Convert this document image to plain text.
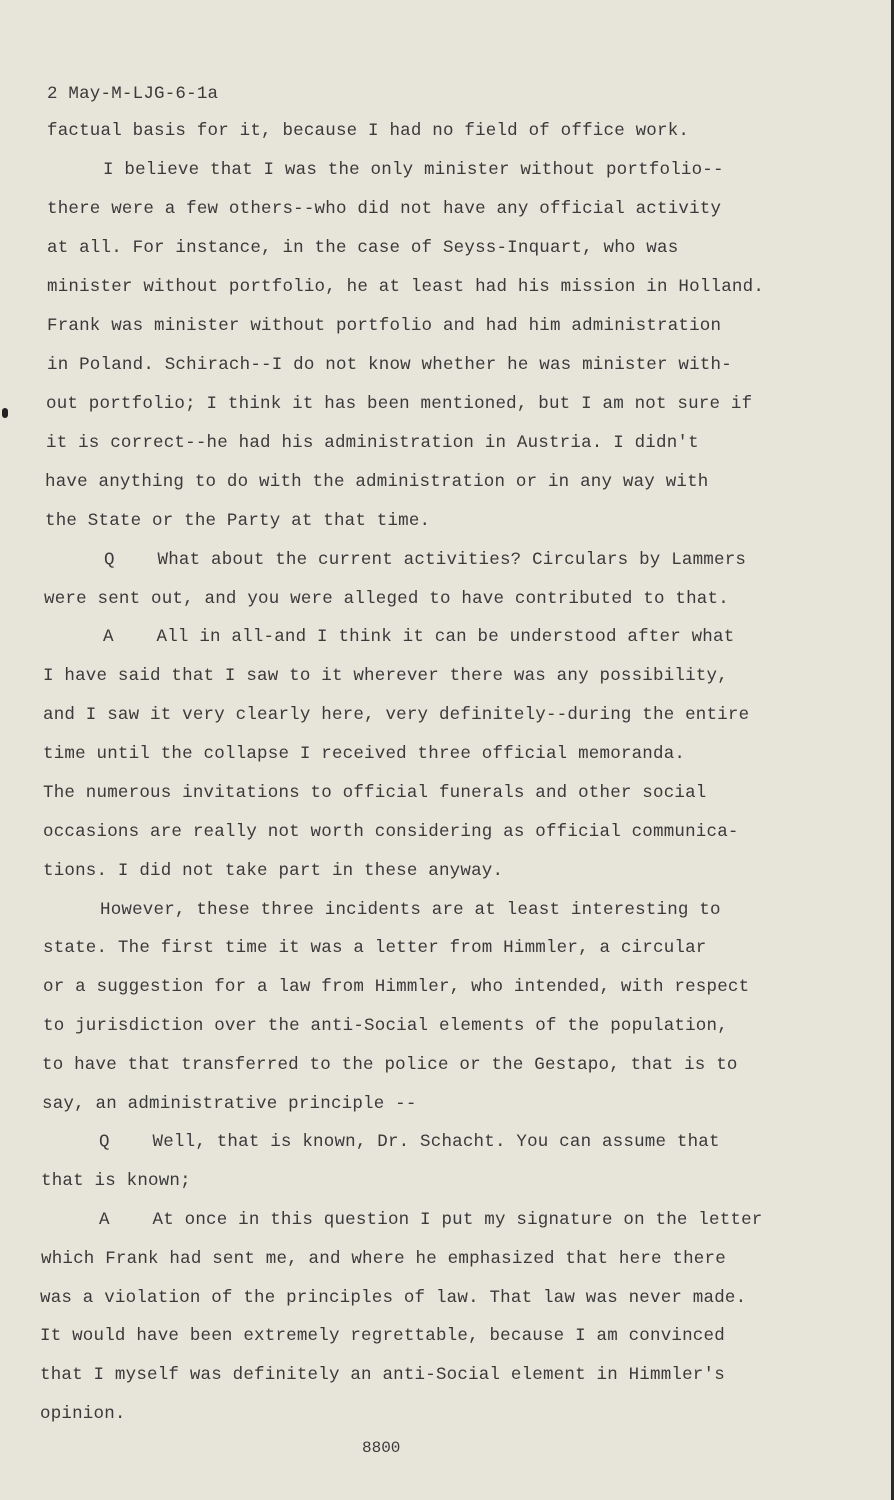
2 May-M-LJG-6-1a

factual basis for it, because I had no field of office work.

I believe that I was the only minister without portfolio--

there were a few others--who did not have any official activity

at all. For instance, in the case of Seyss-Inquart, who was

minister without portfolio, he at least had his mission in Holland.

Frank was minister without portfolio and had him administration

in Poland. Schirach--I do not know whether he was minister with-

out portfolio; I think it has been mentioned, but I am not sure if

it is correct--he had his administration in Austria. I didn't

have anything to do with the administration or in any way with

the State or the Party at that time.

Q    What about the current activities? Circulars by Lammers

were sent out, and you were alleged to have contributed to that.

A    All in all-and I think it can be understood after what

I have said that I saw to it wherever there was any possibility,

and I saw it very clearly here, very definitely--during the entire

time until the collapse I received three official memoranda.

The numerous invitations to official funerals and other social

occasions are really not worth considering as official communica-

tions. I did not take part in these anyway.

However, these three incidents are at least interesting to

state. The first time it was a letter from Himmler, a circular

or a suggestion for a law from Himmler, who intended, with respect

to jurisdiction over the anti-Social elements of the population,

to have that transferred to the police or the Gestapo, that is to

say, an administrative principle --

Q    Well, that is known, Dr. Schacht. You can assume that

that is known;

A    At once in this question I put my signature on the letter

which Frank had sent me, and where he emphasized that here there

was a violation of the principles of law. That law was never made.

It would have been extremely regrettable, because I am convinced

that I myself was definitely an anti-Social element in Himmler's

opinion.

8800
